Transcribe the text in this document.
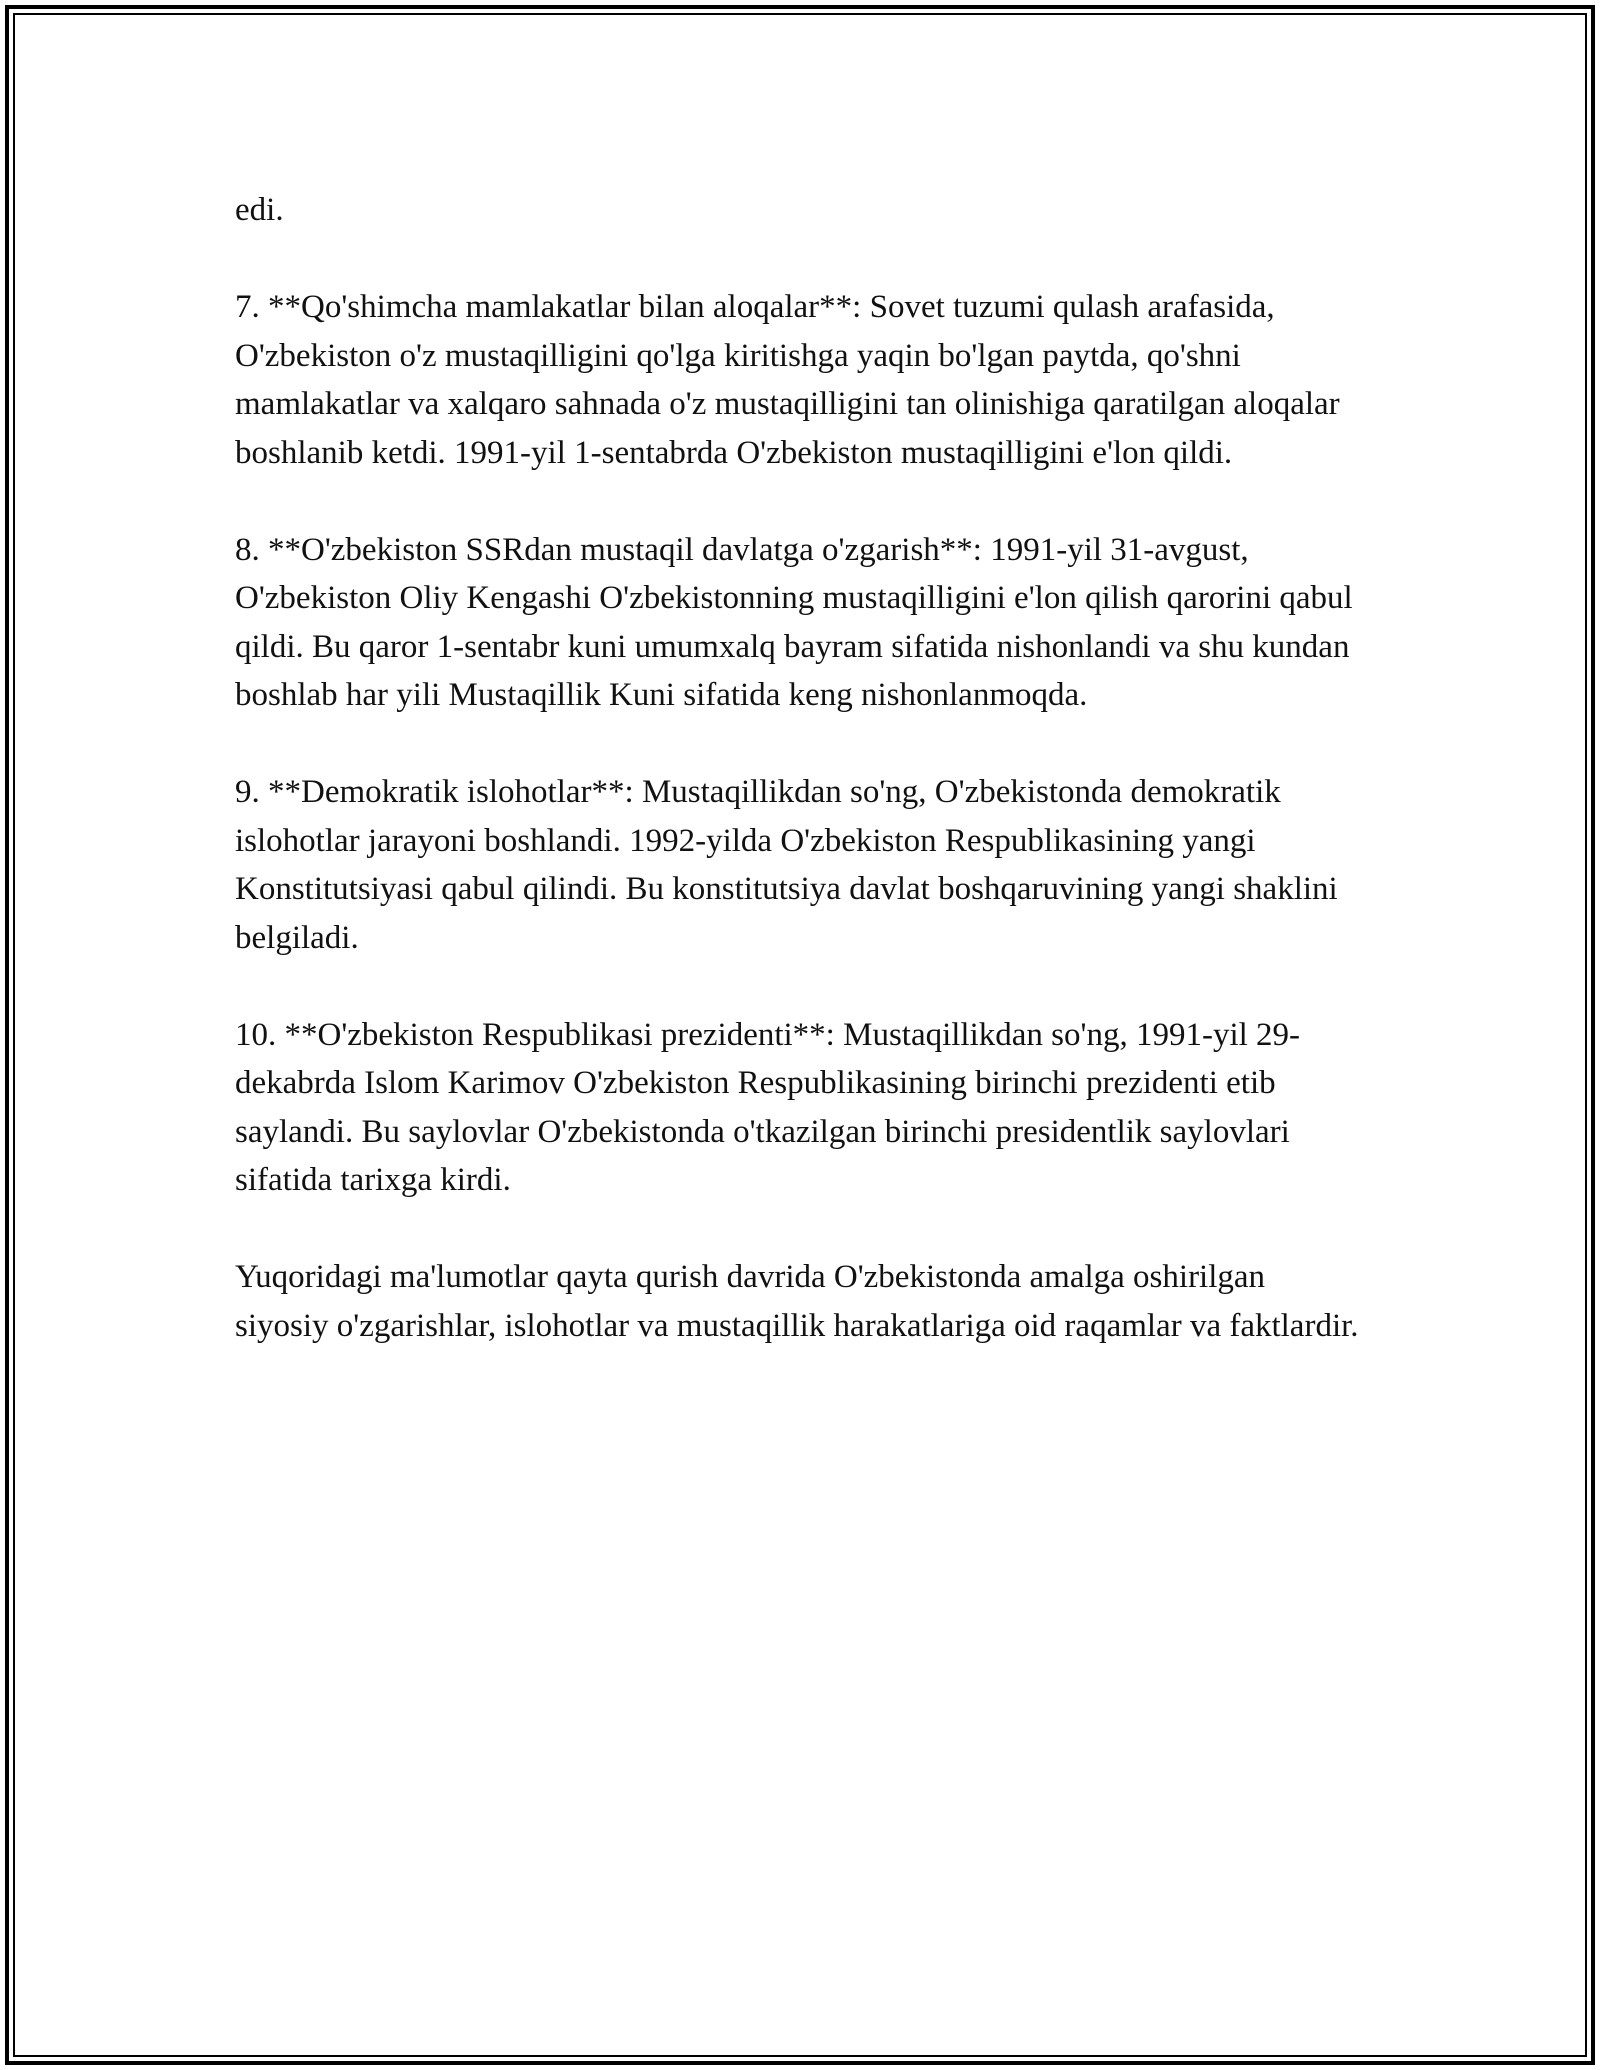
edi.

7. **Qo'shimcha mamlakatlar bilan aloqalar**: Sovet tuzumi qulash arafasida, O'zbekiston o'z mustaqilligini qo'lga kiritishga yaqin bo'lgan paytda, qo'shni mamlakatlar va xalqaro sahnada o'z mustaqilligini tan olinishiga qaratilgan aloqalar boshlanib ketdi. 1991-yil 1-sentabrda O'zbekiston mustaqilligini e'lon qildi.

8. **O'zbekiston SSRdan mustaqil davlatga o'zgarish**: 1991-yil 31-avgust, O'zbekiston Oliy Kengashi O'zbekistonning mustaqilligini e'lon qilish qarorini qabul qildi. Bu qaror 1-sentabr kuni umumxalq bayram sifatida nishonlandi va shu kundan boshlab har yili Mustaqillik Kuni sifatida keng nishonlanmoqda.

9. **Demokratik islohotlar**: Mustaqillikdan so'ng, O'zbekistonda demokratik islohotlar jarayoni boshlandi. 1992-yilda O'zbekiston Respublikasining yangi Konstitutsiyasi qabul qilindi. Bu konstitutsiya davlat boshqaruvining yangi shaklini belgiladi.

10. **O'zbekiston Respublikasi prezidenti**: Mustaqillikdan so'ng, 1991-yil 29-dekabrda Islom Karimov O'zbekiston Respublikasining birinchi prezidenti etib saylandi. Bu saylovlar O'zbekistonda o'tkazilgan birinchi presidentlik saylovlari sifatida tarixga kirdi.

Yuqoridagi ma'lumotlar qayta qurish davrida O'zbekistonda amalga oshirilgan siyosiy o'zgarishlar, islohotlar va mustaqillik harakatlariga oid raqamlar va faktlardir.
